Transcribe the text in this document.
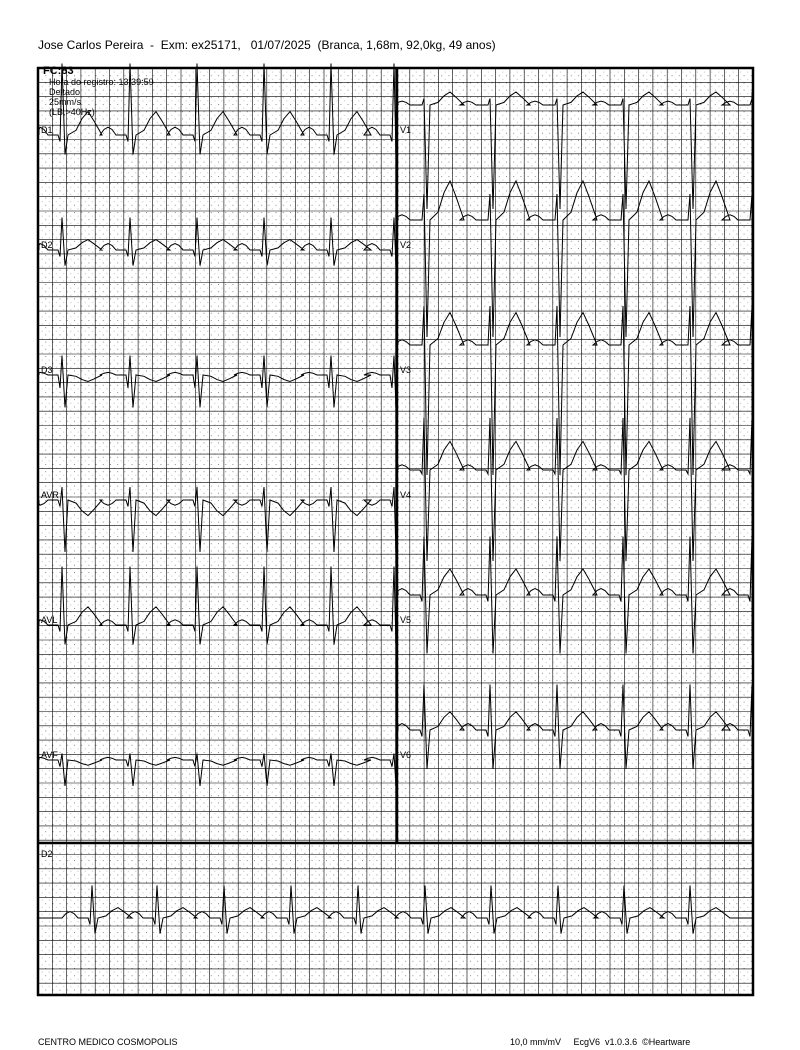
Jose Carlos Pereira  -  Exm: ex25171,   01/07/2025  (Branca, 1,68m, 92,0kg, 49 anos)

D1
D2
D3
AVR
AVL
AVF
V1
V2
V3
V4
V5
V6
D2
CENTRO MEDICO COSMOPOLIS	10,0 mm/mV EcgV6  v1.0.3.6  ©Heartware
